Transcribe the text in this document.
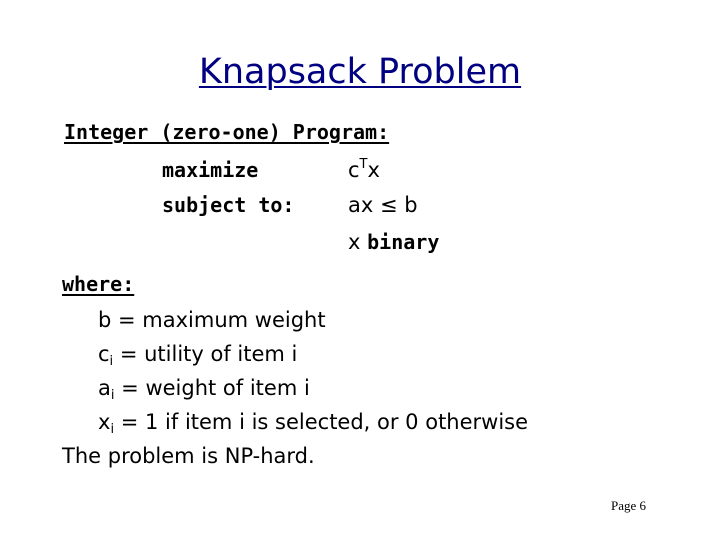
Knapsack Problem
Integer (zero-one) Program:
maximize	$c^Tx$
subject to:	ax ≤ b
x binary
where:
b = maximum weight
$c_i$ = utility of item i
$a_i$ = weight of item i
$x_i = 1$ if item i is selected, or 0 otherwise
The problem is NP-hard.
Page 6
